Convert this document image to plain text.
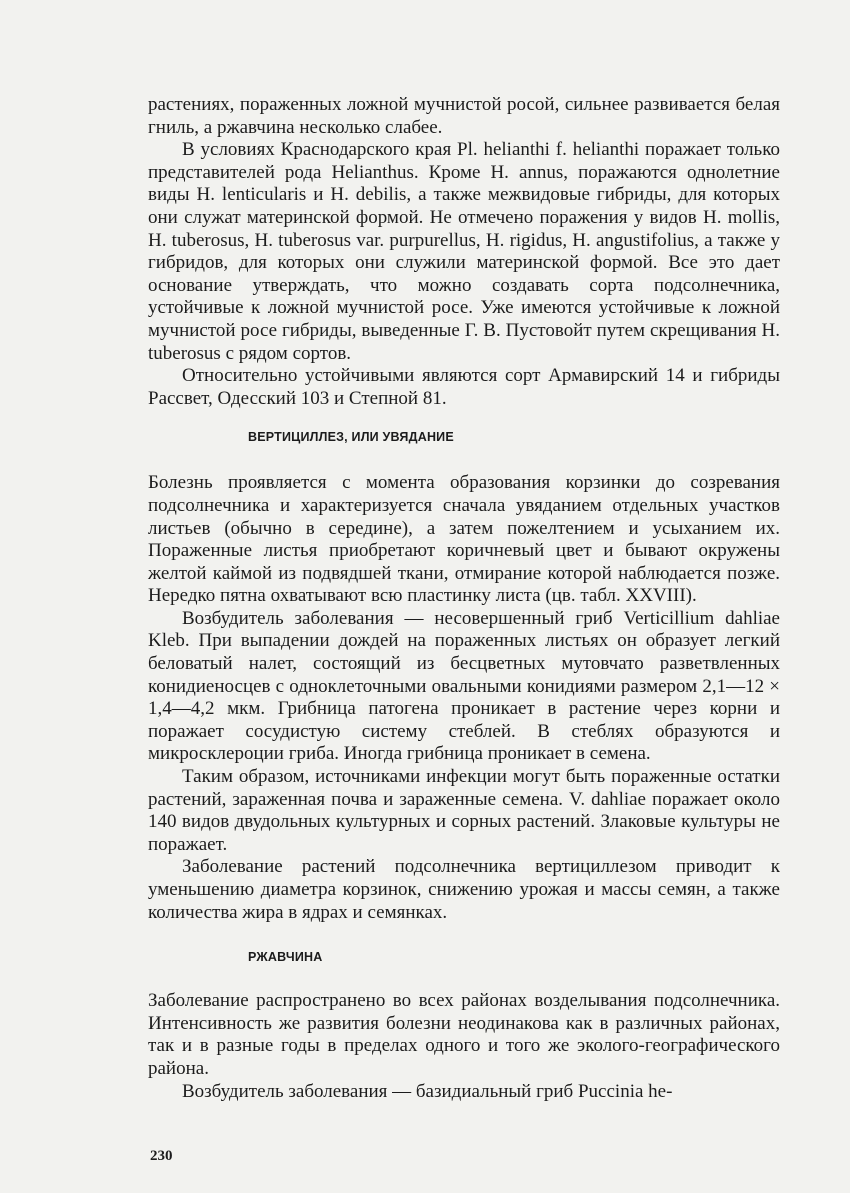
растениях, пораженных ложной мучнистой росой, сильнее развивается белая гниль, а ржавчина несколько слабее.

В условиях Краснодарского края Pl. helianthi f. helianthi поражает только представителей рода Helianthus. Кроме H. annus, поражаются однолетние виды H. lenticularis и H. debilis, а также межвидовые гибриды, для которых они служат материнской формой. Не отмечено поражения у видов H. mollis, H. tuberosus, H. tuberosus var. purpurellus, H. rigidus, H. angustifolius, а также у гибридов, для которых они служили материнской формой. Все это дает основание утверждать, что можно создавать сорта подсолнечника, устойчивые к ложной мучнистой росе. Уже имеются устойчивые к ложной мучнистой росе гибриды, выведенные Г. В. Пустовойт путем скрещивания H. tuberosus с рядом сортов.

Относительно устойчивыми являются сорт Армавирский 14 и гибриды Рассвет, Одесский 103 и Степной 81.

ВЕРТИЦИЛЛЕЗ, ИЛИ УВЯДАНИЕ

Болезнь проявляется с момента образования корзинки до созревания подсолнечника и характеризуется сначала увяданием отдельных участков листьев (обычно в середине), а затем пожелтением и усыханием их. Пораженные листья приобретают коричневый цвет и бывают окружены желтой каймой из подвядшей ткани, отмирание которой наблюдается позже. Нередко пятна охватывают всю пластинку листа (цв. табл. XXVIII).

Возбудитель заболевания — несовершенный гриб Verticillium dahliae Kleb. При выпадении дождей на пораженных листьях он образует легкий беловатый налет, состоящий из бесцветных мутовчато разветвленных конидиеносцев с одноклеточными овальными конидиями размером 2,1—12 × 1,4—4,2 мкм. Грибница патогена проникает в растение через корни и поражает сосудистую систему стеблей. В стеблях образуются и микросклероции гриба. Иногда грибница проникает в семена.

Таким образом, источниками инфекции могут быть пораженные остатки растений, зараженная почва и зараженные семена. V. dahliae поражает около 140 видов двудольных культурных и сорных растений. Злаковые культуры не поражает.

Заболевание растений подсолнечника вертициллезом приводит к уменьшению диаметра корзинок, снижению урожая и массы семян, а также количества жира в ядрах и семянках.

РЖАВЧИНА

Заболевание распространено во всех районах возделывания подсолнечника. Интенсивность же развития болезни неодинакова как в различных районах, так и в разные годы в пределах одного и того же эколого-географического района.

Возбудитель заболевания — базидиальный гриб Puccinia he-

230
